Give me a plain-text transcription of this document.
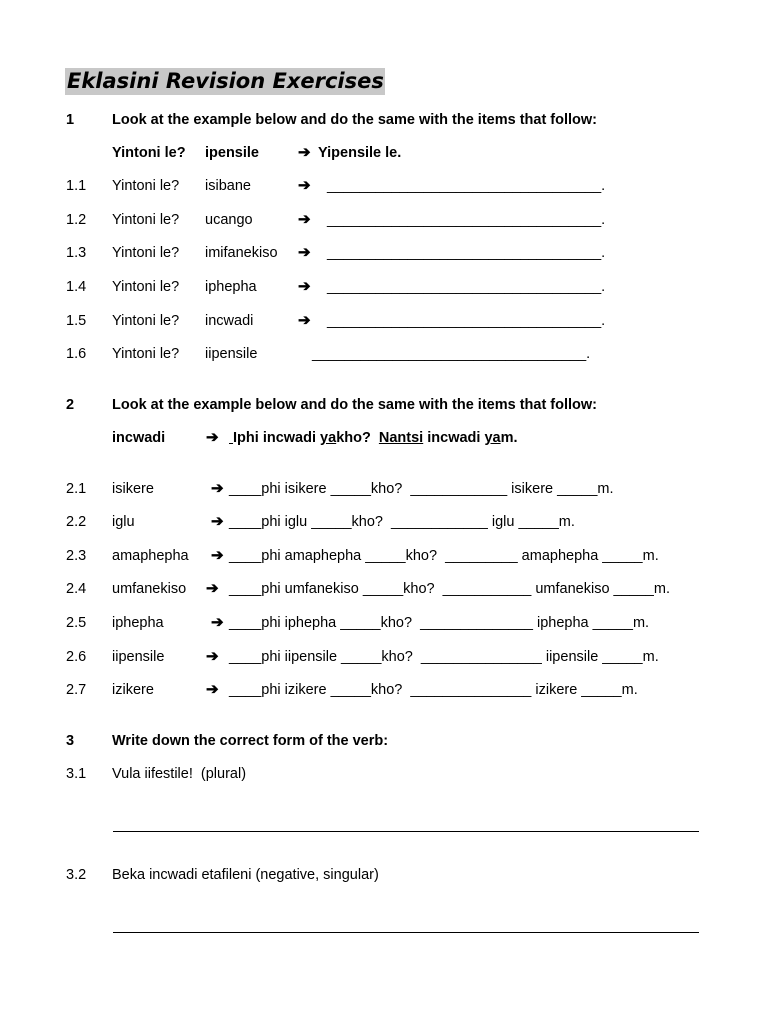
Eklasini Revision Exercises
1	Look at the example below and do the same with the items that follow:
Yintoni le? ipensile	➔ Yipensile le.
1.1 Yintoni le? isibane	➔ __________________________________.
1.2 Yintoni le? ucango	➔ __________________________________.
1.3 Yintoni le? imifanekiso ➔ __________________________________.
1.4 Yintoni le? iphepha	➔ __________________________________.
1.5 Yintoni le? incwadi	➔ __________________________________.
1.6 Yintoni le? iipensile	__________________________________.
2	Look at the example below and do the same with the items that follow:
incwadi	➔ Iphi incwadi yakho?  Nantsi incwadi yam.
2.1 isikere	➔ ____phi isikere _____kho?  ____________ isikere _____m.
2.2 iglu	➔ ____phi iglu _____kho?  ____________ iglu _____m.
2.3 amaphepha ➔ ____phi amaphepha _____kho?  _________ amaphepha _____m.
2.4 umfanekiso ➔ ____phi umfanekiso _____kho?  ___________ umfanekiso _____m.
2.5 iphepha	➔ ____phi iphepha _____kho?  ______________ iphepha _____m.
2.6 iipensile	➔ ____phi iipensile _____kho?  _______________ iipensile _____m.
2.7 izikere	➔ ____phi izikere _____kho?  _______________ izikere _____m.
3	Write down the correct form of the verb:
3.1 Vula iifestile!  (plural)
3.2 Beka incwadi etafileni (negative, singular)
